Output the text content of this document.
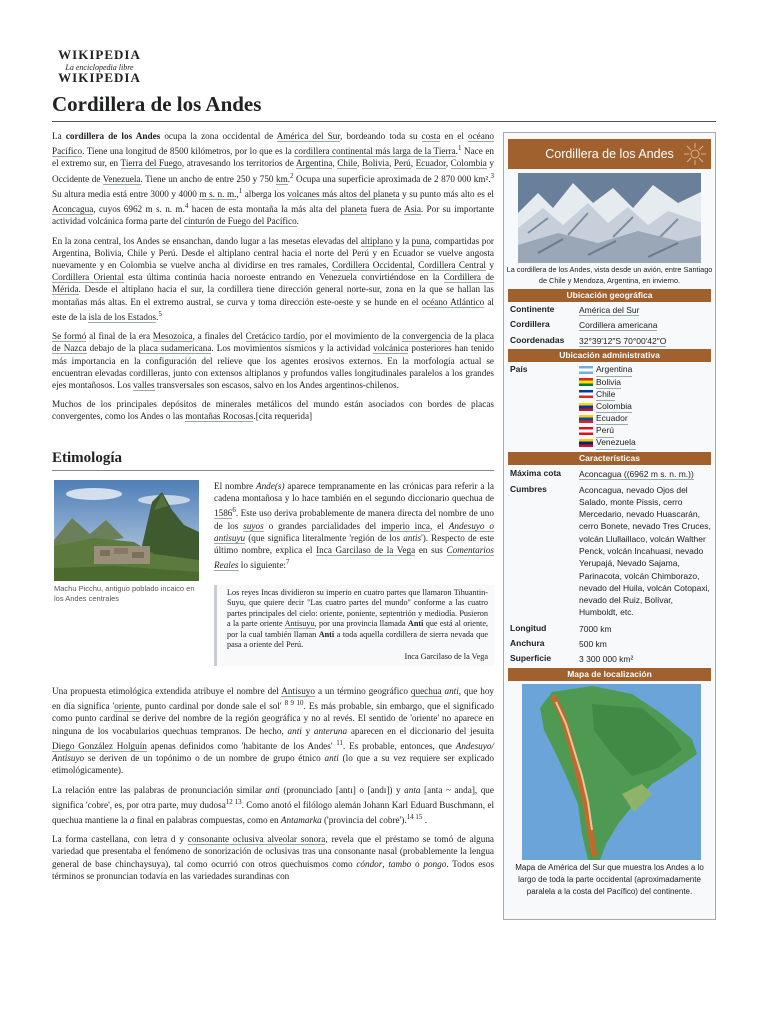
WIKIPEDIA
La enciclopedia libre
WIKIPEDIA
Cordillera de los Andes

La cordillera de los Andes ocupa la zona occidental de América del Sur, bordeando toda su costa en el océano Pacífico. Tiene una longitud de 8500 kilómetros, por lo que es la cordillera continental más larga de la Tierra.$^1$ Nace en el extremo sur, en Tierra del Fuego, atravesando los territorios de Argentina, Chile, Bolivia, Perú, Ecuador, Colombia y Occidente de Venezuela. Tiene un ancho de entre 250 y 750 km.$^2$ Ocupa una superficie aproximada de 2 870 000 km².$^3$ Su altura media está entre 3000 y 4000 m s. n. m.,$^1$ alberga los volcanes más altos del planeta y su punto más alto es el Aconcagua, cuyos 6962 m s. n. m.$^4$ hacen de esta montaña la más alta del planeta fuera de Asia. Por su importante actividad volcánica forma parte del cinturón de Fuego del Pacífico.

En la zona central, los Andes se ensanchan, dando lugar a las mesetas elevadas del altiplano y la puna, compartidas por Argentina, Bolivia, Chile y Perú. Desde el altiplano central hacia el norte del Perú y en Ecuador se vuelve angosta nuevamente y en Colombia se vuelve ancha al dividirse en tres ramales, Cordillera Occidental, Cordillera Central y Cordillera Oriental esta última continúa hacia noroeste entrando en Venezuela convirtiéndose en la Cordillera de Mérida. Desde el altiplano hacia el sur, la cordillera tiene dirección general norte-sur, zona en la que se hallan las montañas más altas. En el extremo austral, se curva y toma dirección este-oeste y se hunde en el océano Atlántico al este de la isla de los Estados.$^5$

Se formó al final de la era Mesozoica, a finales del Cretácico tardío, por el movimiento de la convergencia de la placa de Nazca debajo de la placa sudamericana. Los movimientos sísmicos y la actividad volcánica posteriores han tenido más importancia en la configuración del relieve que los agentes erosivos externos. En la morfología actual se encuentran elevadas cordilleras, junto con extensos altiplanos y profundos valles longitudinales paralelos a los grandes ejes montañosos. Los valles transversales son escasos, salvo en los Andes argentinos-chilenos.

Muchos de los principales depósitos de minerales metálicos del mundo están asociados con bordes de placas convergentes, como los Andes o las montañas Rocosas.[cita requerida]

Etimología
Machu Picchu, antiguo poblado incaico en los Andes centrales
El nombre Ande(s) aparece tempranamente en las crónicas para referir a la cadena montañosa y lo hace también en el segundo diccionario quechua de 1586$^6$. Este uso deriva probablemente de manera directa del nombre de uno de los suyos o grandes parcialidades del imperio inca, el Andesuyo o antisuyu (que significa literalmente 'región de los antis'). Respecto de este último nombre, explica el Inca Garcilaso de la Vega en sus Comentarios Reales lo siguiente:$^7$
Los reyes Incas dividieron su imperio en cuatro partes que llamaron Tihuantin-Suyu, que quiere decir "Las cuatro partes del mundo" conforme a las cuatro partes principales del cielo: oriente, poniente, septentrión y mediodía. Pusieron a la parte oriente Antisuyu, por una provincia llamada Anti que está al oriente, por la cual también llaman Anti a toda aquella cordillera de sierra nevada que pasa a oriente del Perú.
Inca Garcilaso de la Vega

Una propuesta etimológica extendida atribuye el nombre del Antisuyo a un término geográfico quechua anti, que hoy en día significa 'oriente, punto cardinal por donde sale el sol' $^{8 9 10}$. Es más probable, sin embargo, que el significado como punto cardinal se derive del nombre de la región geográfica y no al revés. El sentido de 'oriente' no aparece en ninguna de los vocabularios quechuas tempranos. De hecho, anti y anteruna aparecen en el diccionario del jesuita Diego González Holguín apenas definidos como 'habitante de los Andes' $^{11}$. Es probable, entonces, que Andesuyo/ Antisuyo se deriven de un topónimo o de un nombre de grupo étnico anti (lo que a su vez requiere ser explicado etimológicamente).

La relación entre las palabras de pronunciación similar anti (pronunciado [antɪ] o [andɪ]) y anta [anta ~ anda], que significa 'cobre', es, por otra parte, muy dudosa$^{12 13}$. Como anotó el filólogo alemán Johann Karl Eduard Buschmann, el quechua mantiene la a final en palabras compuestas, como en Antamarka ('provincia del cobre').$^{14 15}$ .

La forma castellana, con letra d y consonante oclusiva alveolar sonora, revela que el préstamo se tomó de alguna variedad que presentaba el fenómeno de sonorización de oclusivas tras una consonante nasal (probablemente la lengua general de base chinchaysuya), tal como ocurrió con otros quechuismos como cóndor, tambo o pongo. Todos esos términos se pronuncian todavía en las variedades surandinas con

Cordillera de los Andes
La cordillera de los Andes, vista desde un avión, entre Santiago de Chile y Mendoza, Argentina, en invierno.
Ubicación geográfica
Continente	América del Sur
Cordillera	Cordillera americana
Coordenadas	32°39′12″S 70°00′42″O
Ubicación administrativa
País	Argentina
Bolivia
Chile
Colombia
Ecuador
Perú
Venezuela
Características
Máxima cota	Aconcagua ((6962 m s. n. m.))
Cumbres	Aconcagua, nevado Ojos del Salado, monte Pissis, cerro Mercedario, nevado Huascarán, cerro Bonete, nevado Tres Cruces, volcán Llullaillaco, volcán Walther Penck, volcán Incahuasi, nevado Yerupajá, Nevado Sajama, Parinacota, volcán Chimborazo, nevado del Huila, volcán Cotopaxi, nevado del Ruiz, Bolívar, Humboldt, etc.
Longitud	7000 km
Anchura	500 km
Superficie	3 300 000 km²
Mapa de localización
Mapa de América del Sur que muestra los Andes a lo largo de toda la parte occidental (aproximadamente paralela a la costa del Pacífico) del continente.
